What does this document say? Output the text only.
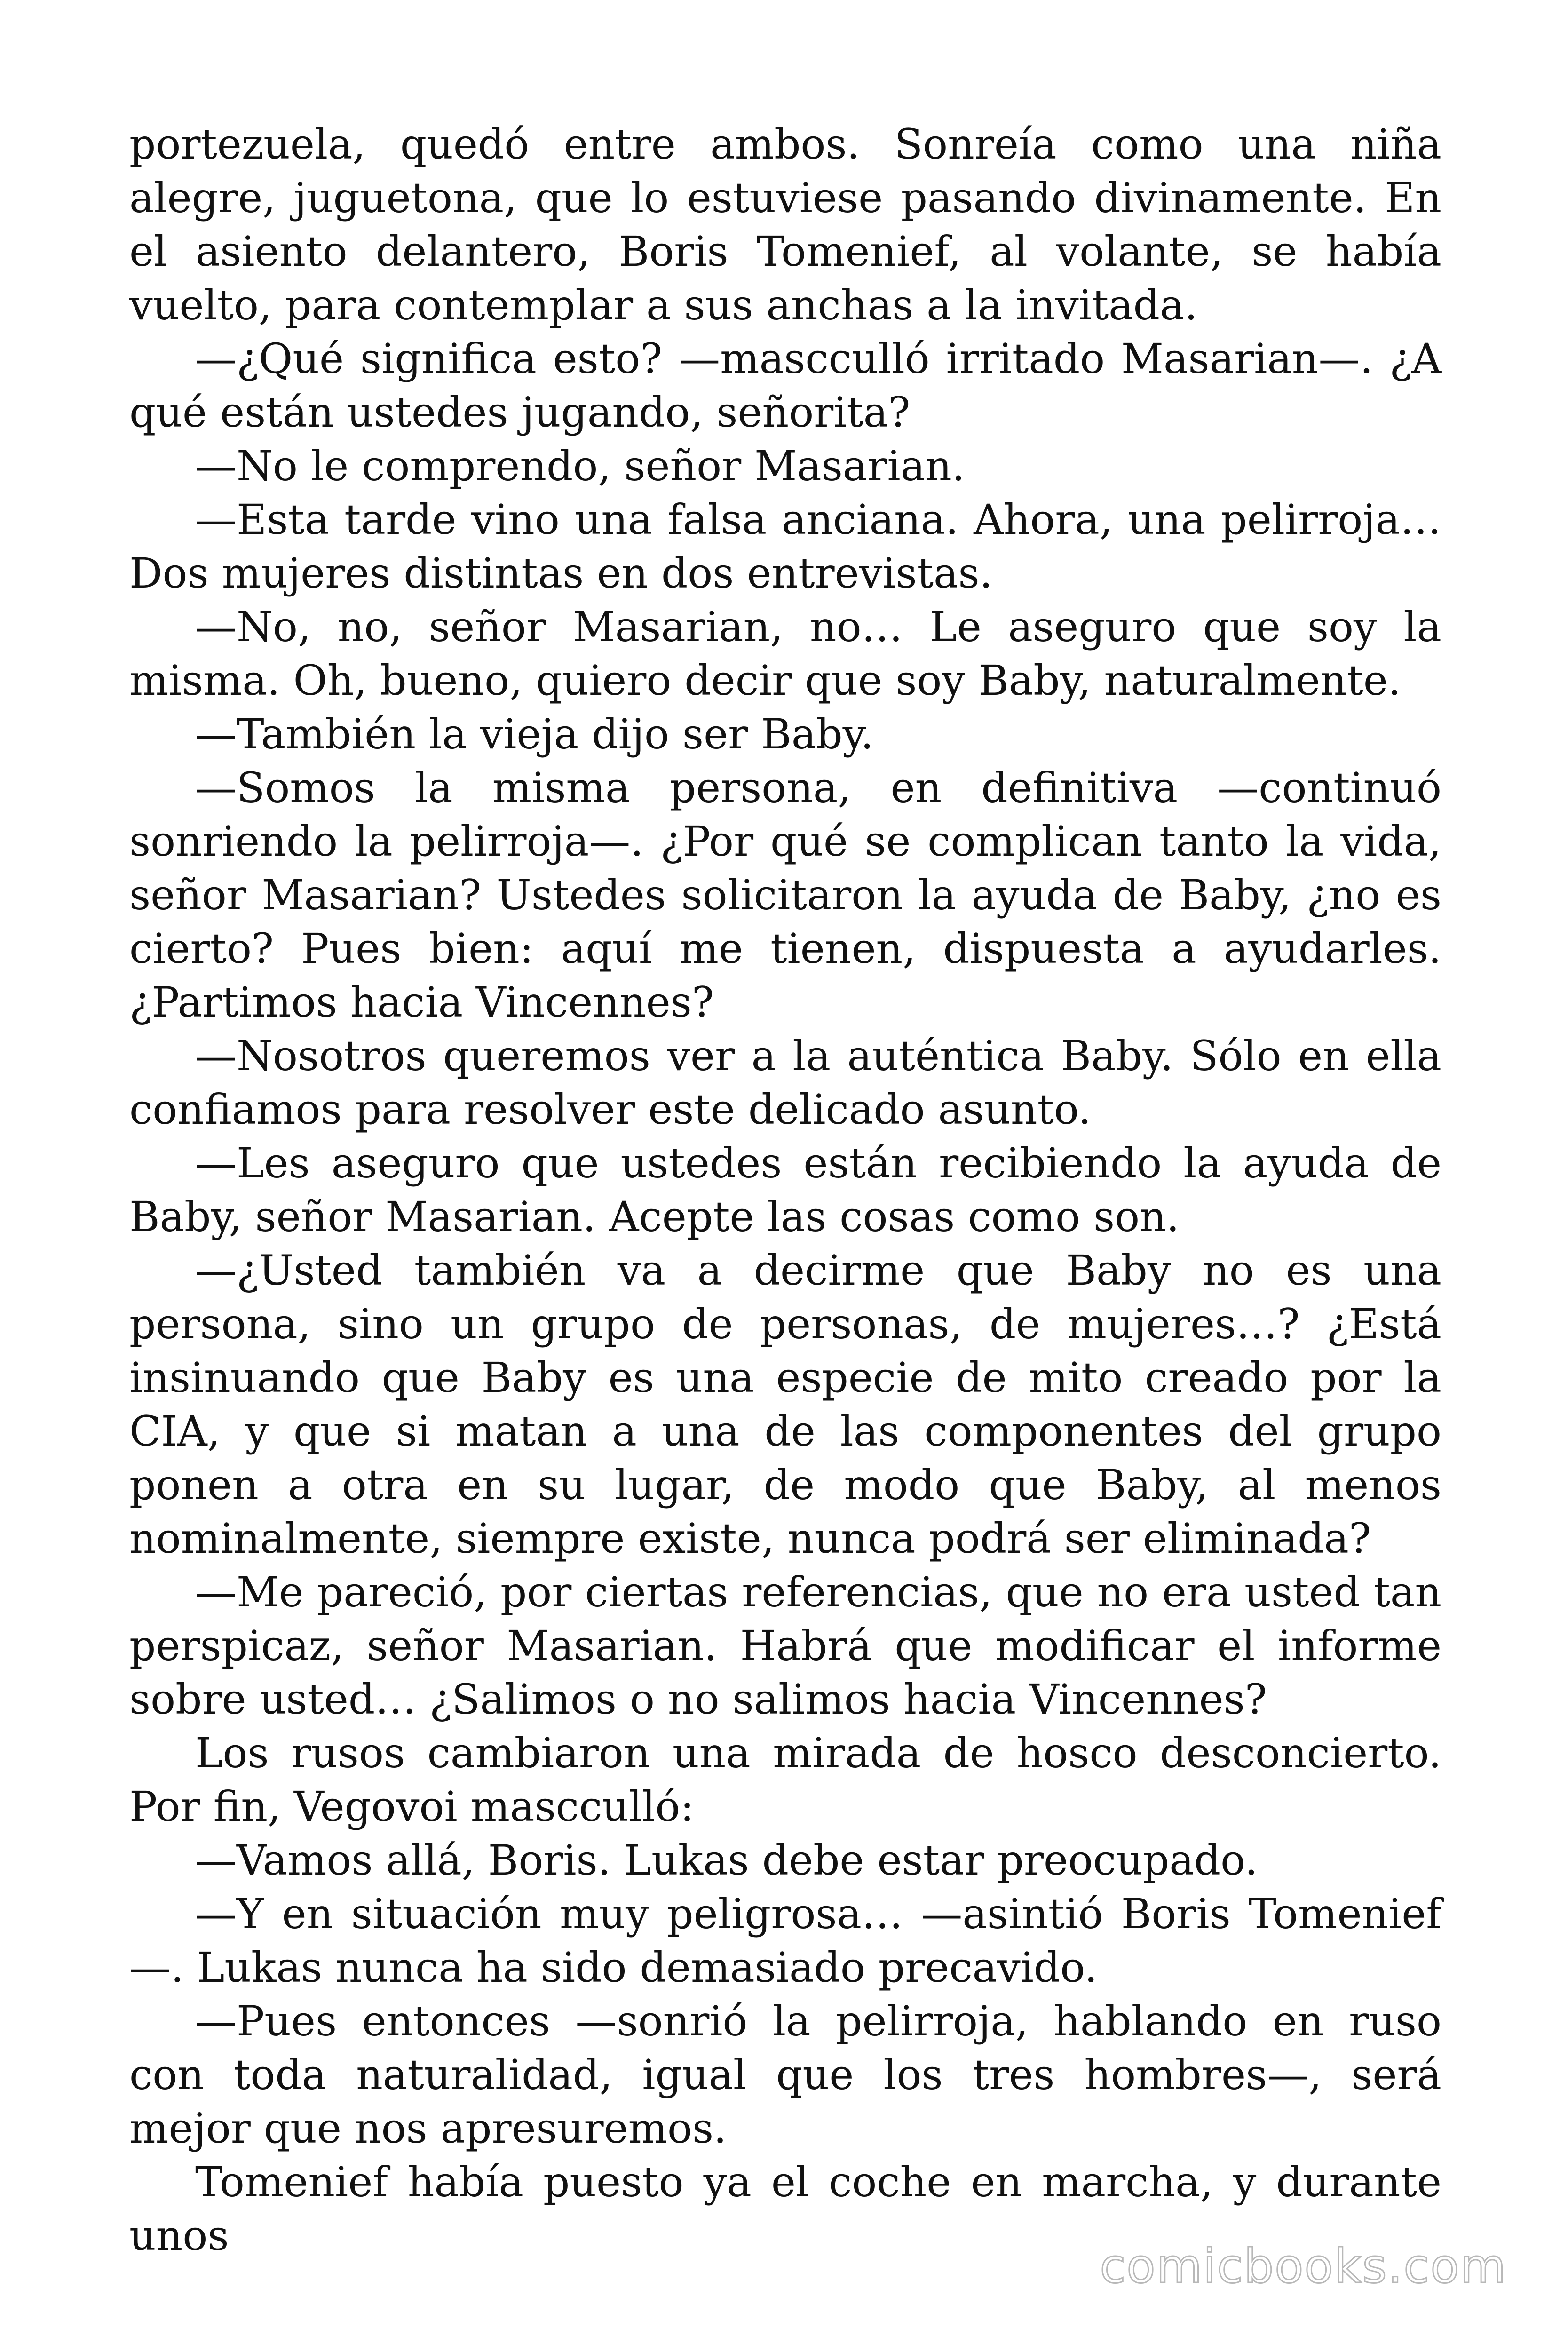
portezuela, quedó entre ambos. Sonreía como una niña alegre, juguetona, que lo estuviese pasando divinamente. En el asiento delantero, Boris Tomenief, al volante, se había vuelto, para contemplar a sus anchas a la invitada.

—¿Qué significa esto? —mascculló irritado Masarian—. ¿A qué están ustedes jugando, señorita?

—No le comprendo, señor Masarian.

—Esta tarde vino una falsa anciana. Ahora, una pelirroja… Dos mujeres distintas en dos entrevistas.

—No, no, señor Masarian, no… Le aseguro que soy la misma. Oh, bueno, quiero decir que soy Baby, naturalmente.

—También la vieja dijo ser Baby.

—Somos la misma persona, en definitiva —continuó sonriendo la pelirroja—. ¿Por qué se complican tanto la vida, señor Masarian? Ustedes solicitaron la ayuda de Baby, ¿no es cierto? Pues bien: aquí me tienen, dispuesta a ayudarles. ¿Partimos hacia Vincennes?

—Nosotros queremos ver a la auténtica Baby. Sólo en ella confiamos para resolver este delicado asunto.

—Les aseguro que ustedes están recibiendo la ayuda de Baby, señor Masarian. Acepte las cosas como son.

—¿Usted también va a decirme que Baby no es una persona, sino un grupo de personas, de mujeres…? ¿Está insinuando que Baby es una especie de mito creado por la CIA, y que si matan a una de las componentes del grupo ponen a otra en su lugar, de modo que Baby, al menos nominalmente, siempre existe, nunca podrá ser eliminada?

—Me pareció, por ciertas referencias, que no era usted tan perspicaz, señor Masarian. Habrá que modificar el informe sobre usted… ¿Salimos o no salimos hacia Vincennes?

Los rusos cambiaron una mirada de hosco desconcierto. Por fin, Vegovoi mascculló:

—Vamos allá, Boris. Lukas debe estar preocupado.

—Y en situación muy peligrosa… —asintió Boris Tomenief—. Lukas nunca ha sido demasiado precavido.

—Pues entonces —sonrió la pelirroja, hablando en ruso con toda naturalidad, igual que los tres hombres—, será mejor que nos apresuremos.

Tomenief había puesto ya el coche en marcha, y durante unos

comicbooks.com
